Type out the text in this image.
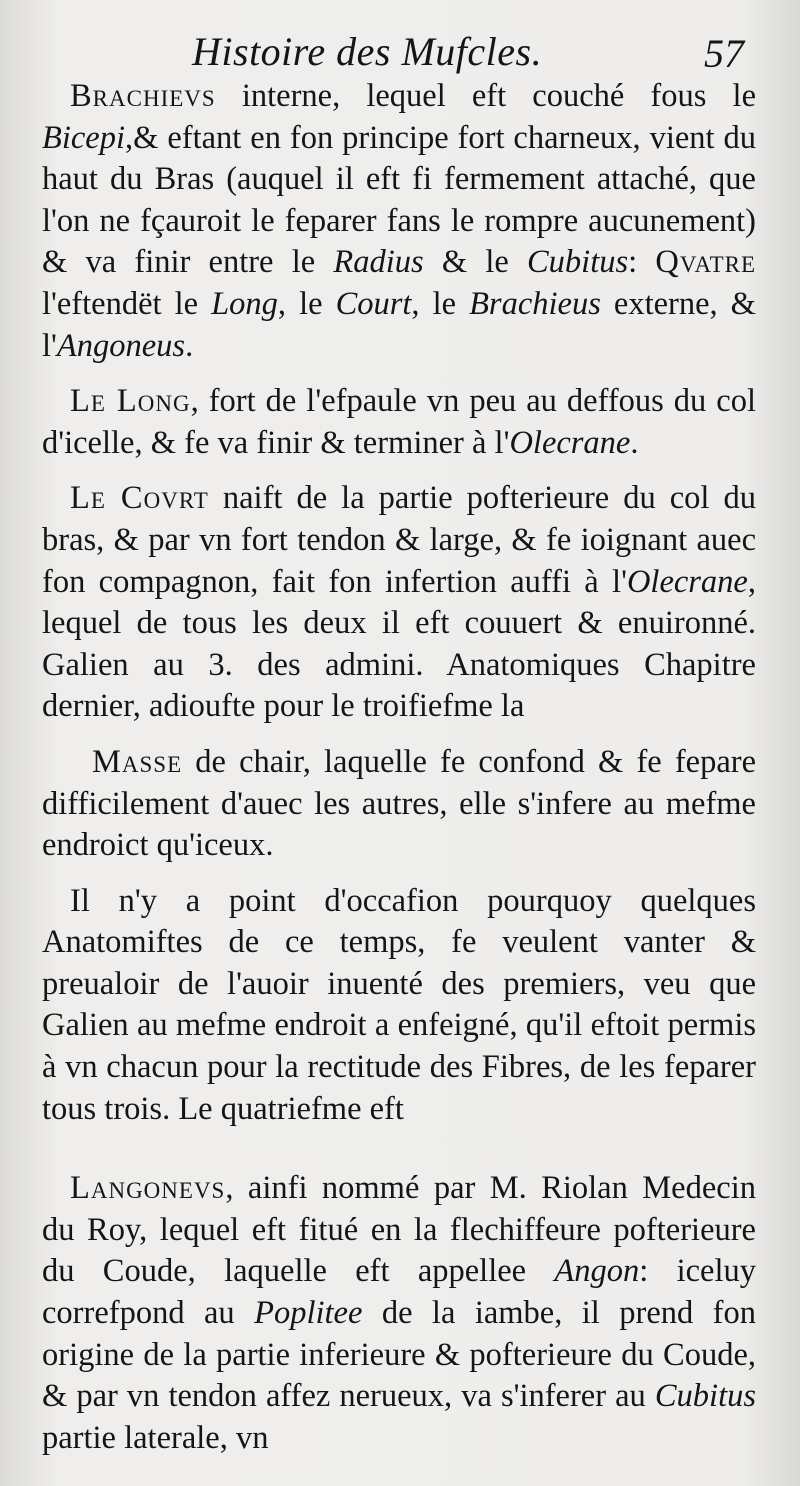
Histoire des Mufcles.	57

Brachievs interne, lequel eft couché fous le Bicepi,& eftant en fon principe fort charneux, vient du haut du Bras (auquel il eft fi fermement attaché, que l'on ne fçauroit le feparer fans le rompre aucunement) & va finir entre le Radius & le Cubitus: Qvatre l'eftendët le Long, le Court, le Brachieus externe, & l'Angoneus.

Le Long, fort de l'efpaule vn peu au deffous du col d'icelle, & fe va finir & terminer à l'Olecrane.

Le Covrt naift de la partie pofterieure du col du bras, & par vn fort tendon & large, & fe ioignant auec fon compagnon, fait fon infertion auffi à l'Olecrane, lequel de tous les deux il eft couuert & enuironné. Galien au 3. des admini. Anatomiques Chapitre dernier, adioufte pour le troifiefme la

Masse de chair, laquelle fe confond & fe fepare difficilement d'auec les autres, elle s'infere au mefme endroict qu'iceux.

Il n'y a point d'occafion pourquoy quelques Anatomiftes de ce temps, fe veulent vanter & preualoir de l'auoir inuenté des premiers, veu que Galien au mefme endroit a enfeigné, qu'il eftoit permis à vn chacun pour la rectitude des Fibres, de les feparer tous trois. Le quatriefme eft

Langonevs, ainfi nommé par M. Riolan Medecin du Roy, lequel eft fitué en la flechiffeure pofterieure du Coude, laquelle eft appellee Angon: iceluy correfpond au Poplitee de la iambe, il prend fon origine de la partie inferieure & pofterieure du Coude, & par vn tendon affez nerueux, va s'inferer au Cubitus partie laterale, vn
